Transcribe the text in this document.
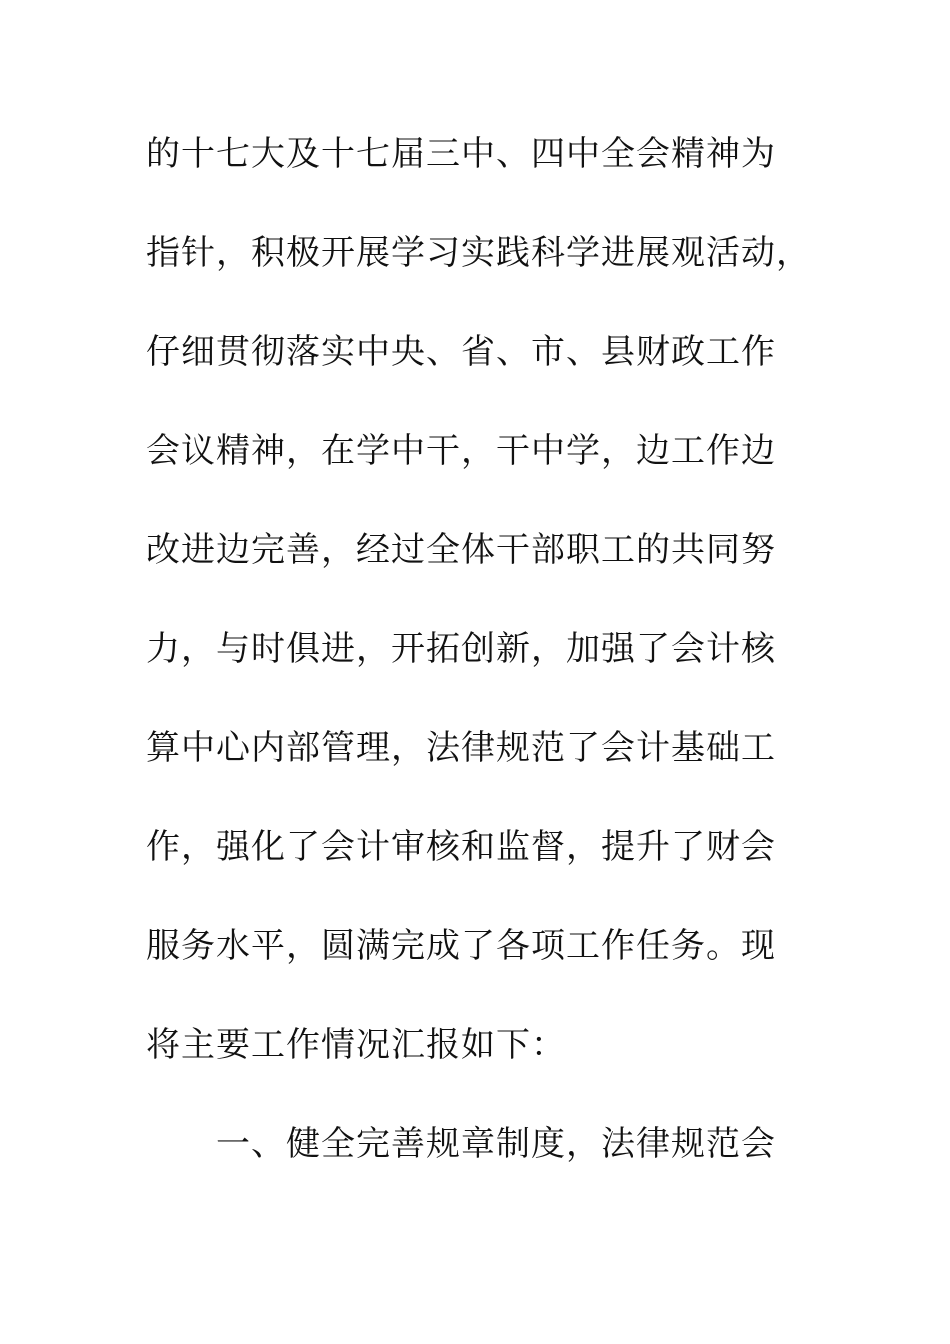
的十七大及十七届三中、四中全会精神为
指针，积极开展学习实践科学进展观活动，
仔细贯彻落实中央、省、市、县财政工作
会议精神，在学中干，干中学，边工作边
改进边完善，经过全体干部职工的共同努
力，与时俱进，开拓创新，加强了会计核
算中心内部管理，法律规范了会计基础工
作，强化了会计审核和监督，提升了财会
服务水平，圆满完成了各项工作任务。现
将主要工作情况汇报如下：
一、健全完善规章制度，法律规范会
